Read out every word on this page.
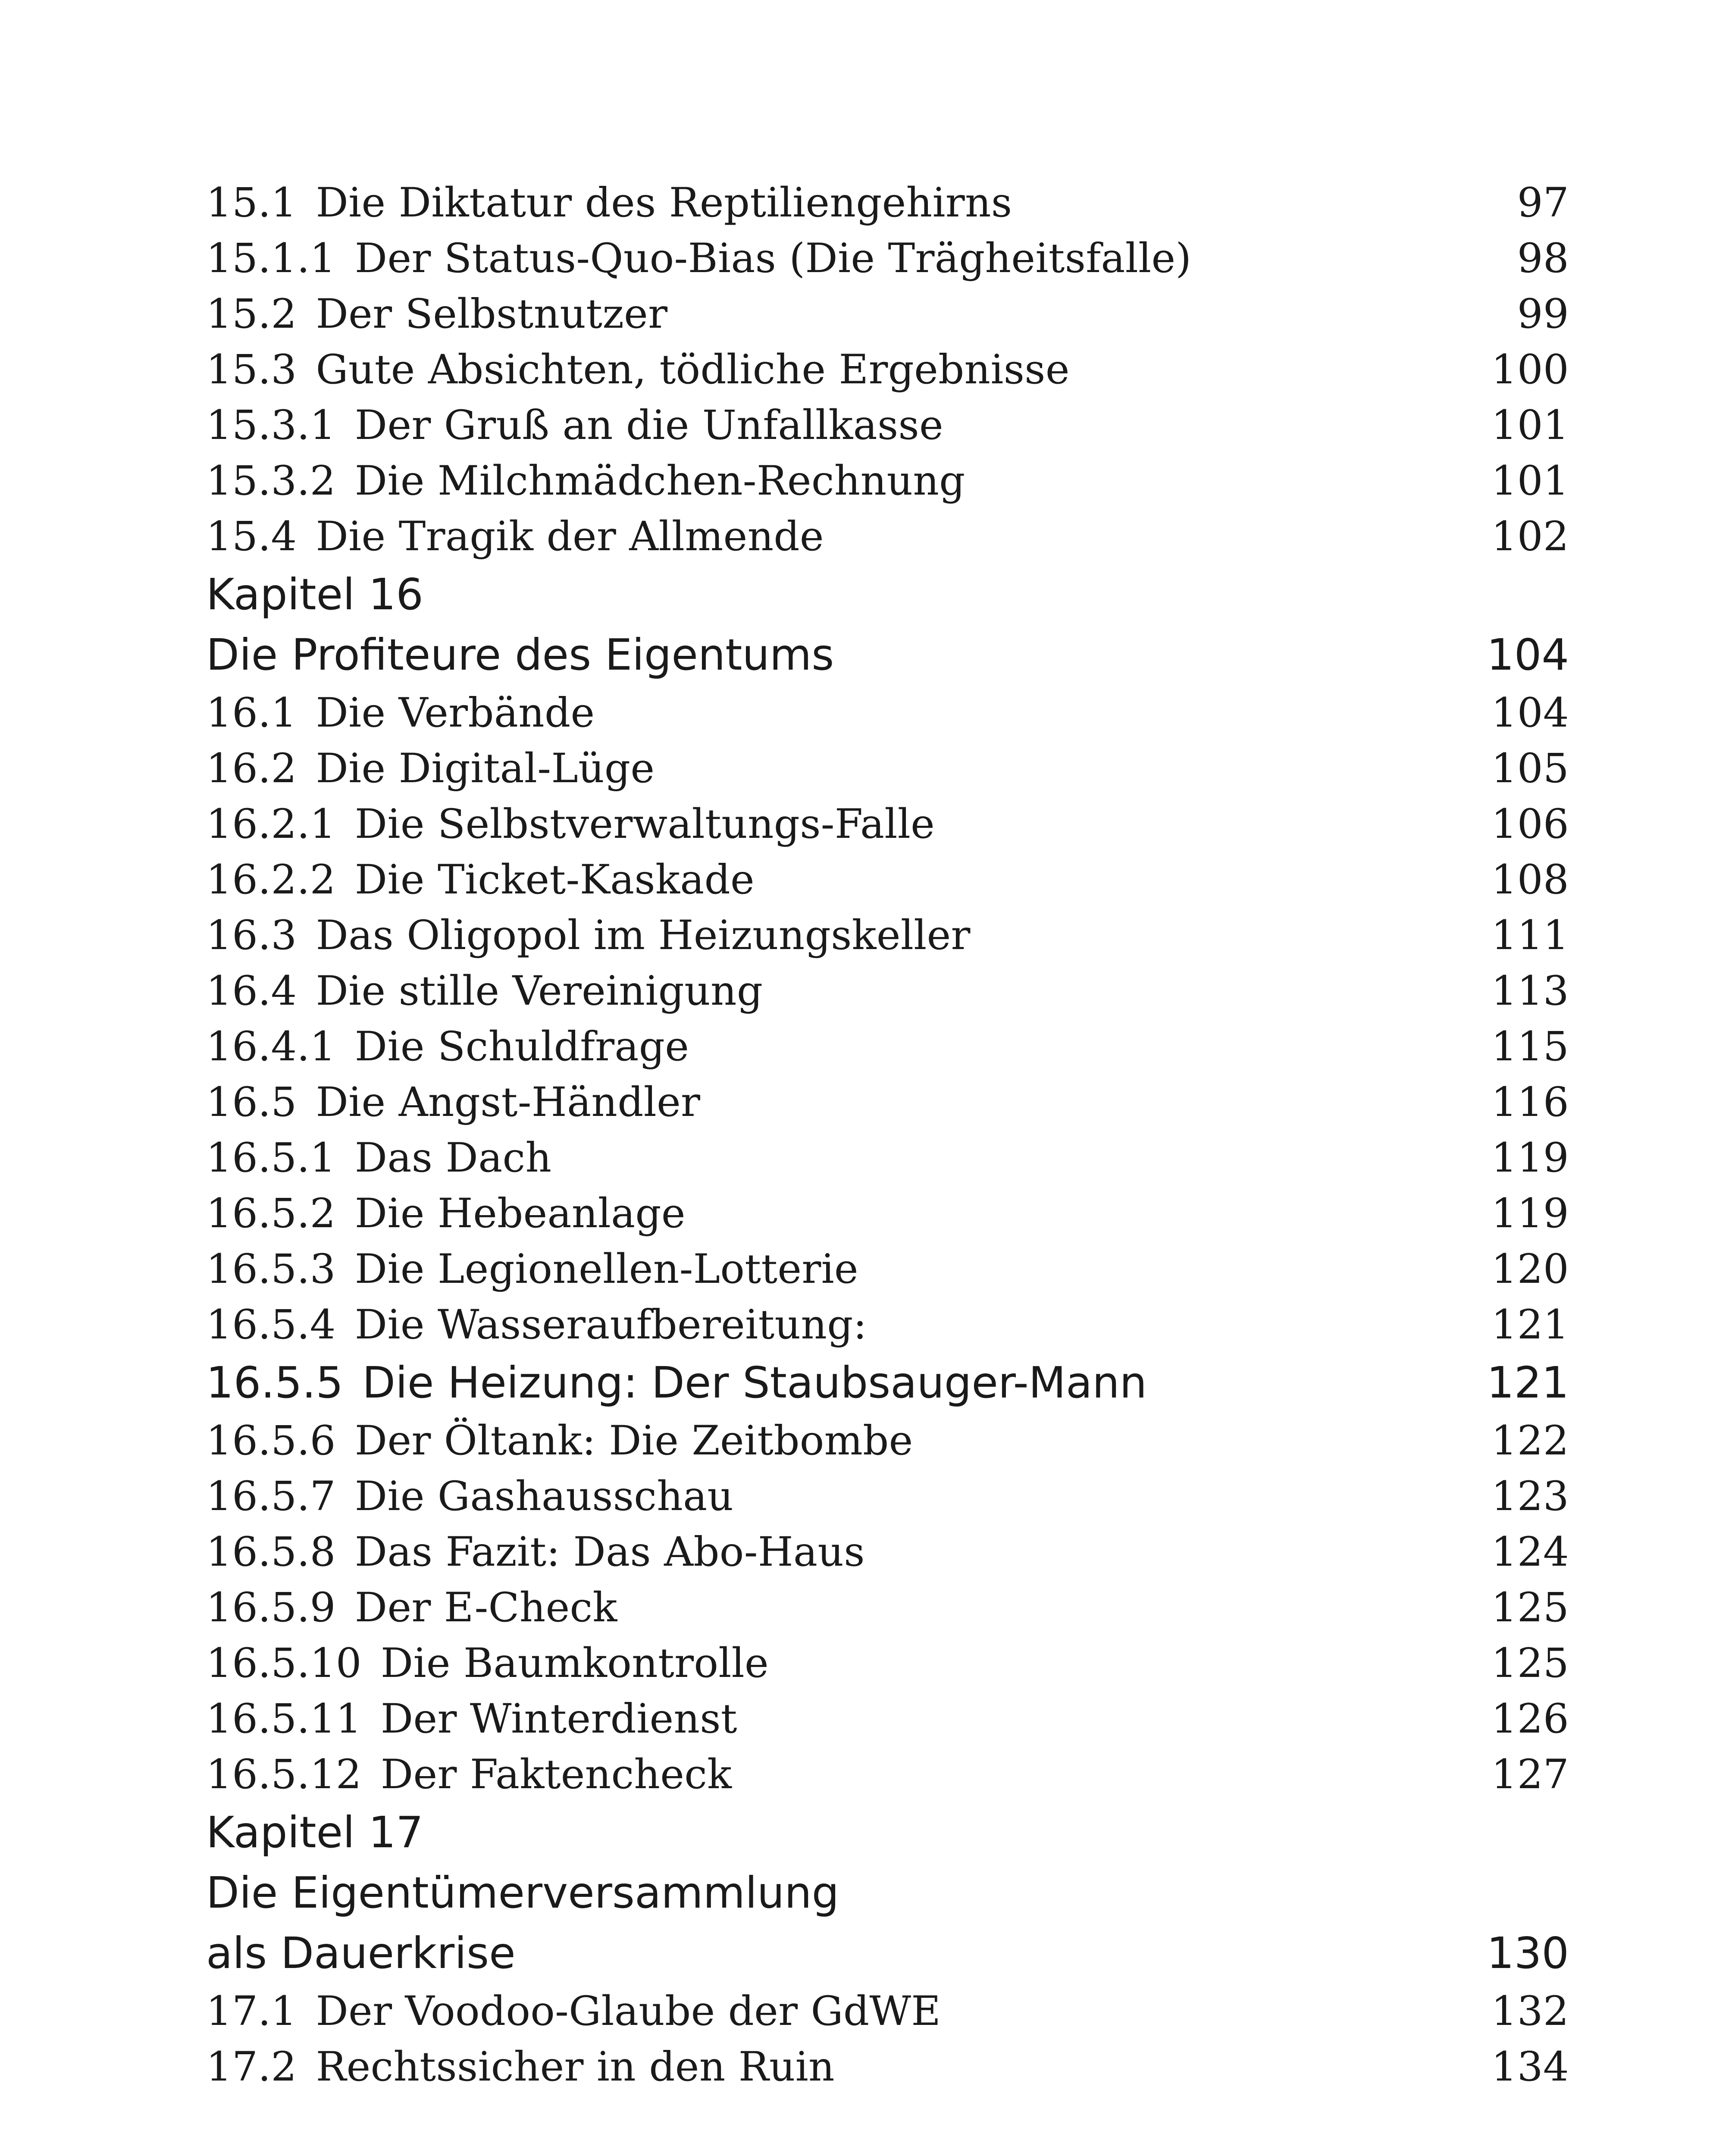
15.1 Die Diktatur des Reptiliengehirns	97
15.1.1 Der Status-Quo-Bias (Die Trägheitsfalle)	98
15.2 Der Selbstnutzer	99
15.3 Gute Absichten, tödliche Ergebnisse	100
15.3.1 Der Gruß an die Unfallkasse	101
15.3.2 Die Milchmädchen-Rechnung	101
15.4 Die Tragik der Allmende	102
Kapitel 16
Die Profiteure des Eigentums	104
16.1 Die Verbände	104
16.2 Die Digital-Lüge	105
16.2.1 Die Selbstverwaltungs-Falle	106
16.2.2 Die Ticket-Kaskade	108
16.3 Das Oligopol im Heizungskeller	111
16.4 Die stille Vereinigung	113
16.4.1 Die Schuldfrage	115
16.5 Die Angst-Händler	116
16.5.1 Das Dach	119
16.5.2 Die Hebeanlage	119
16.5.3 Die Legionellen-Lotterie	120
16.5.4 Die Wasseraufbereitung:	121
16.5.5 Die Heizung: Der Staubsauger-Mann	121
16.5.6 Der Öltank: Die Zeitbombe	122
16.5.7 Die Gashausschau	123
16.5.8 Das Fazit: Das Abo-Haus	124
16.5.9 Der E-Check	125
16.5.10 Die Baumkontrolle	125
16.5.11 Der Winterdienst	126
16.5.12 Der Faktencheck	127
Kapitel 17
Die Eigentümerversammlung
als Dauerkrise	130
17.1 Der Voodoo-Glaube der GdWE	132
17.2 Rechtssicher in den Ruin	134
